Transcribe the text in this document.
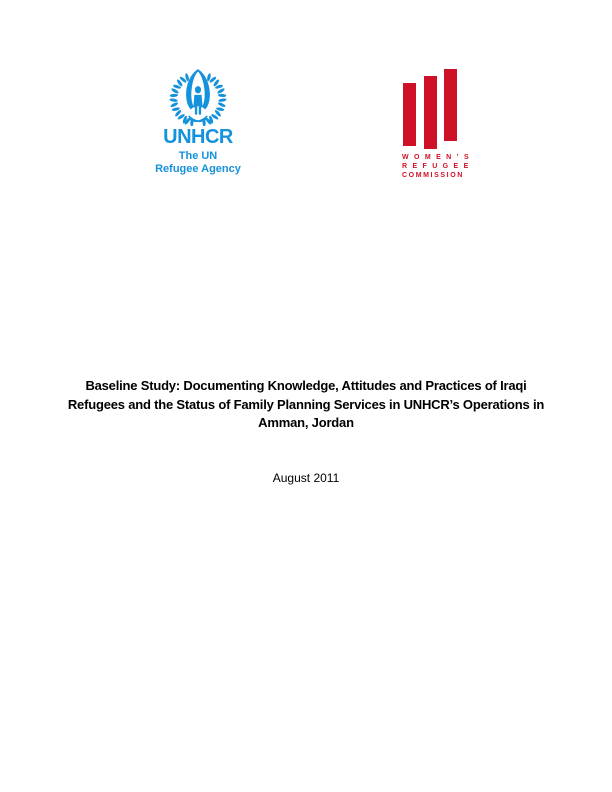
UNHCR
The UN
Refugee Agency
WOMEN’S
REFUGEE
COMMISSION
Baseline Study: Documenting Knowledge, Attitudes and Practices of Iraqi
Refugees and the Status of Family Planning Services in UNHCR’s Operations in
Amman, Jordan
August 2011
